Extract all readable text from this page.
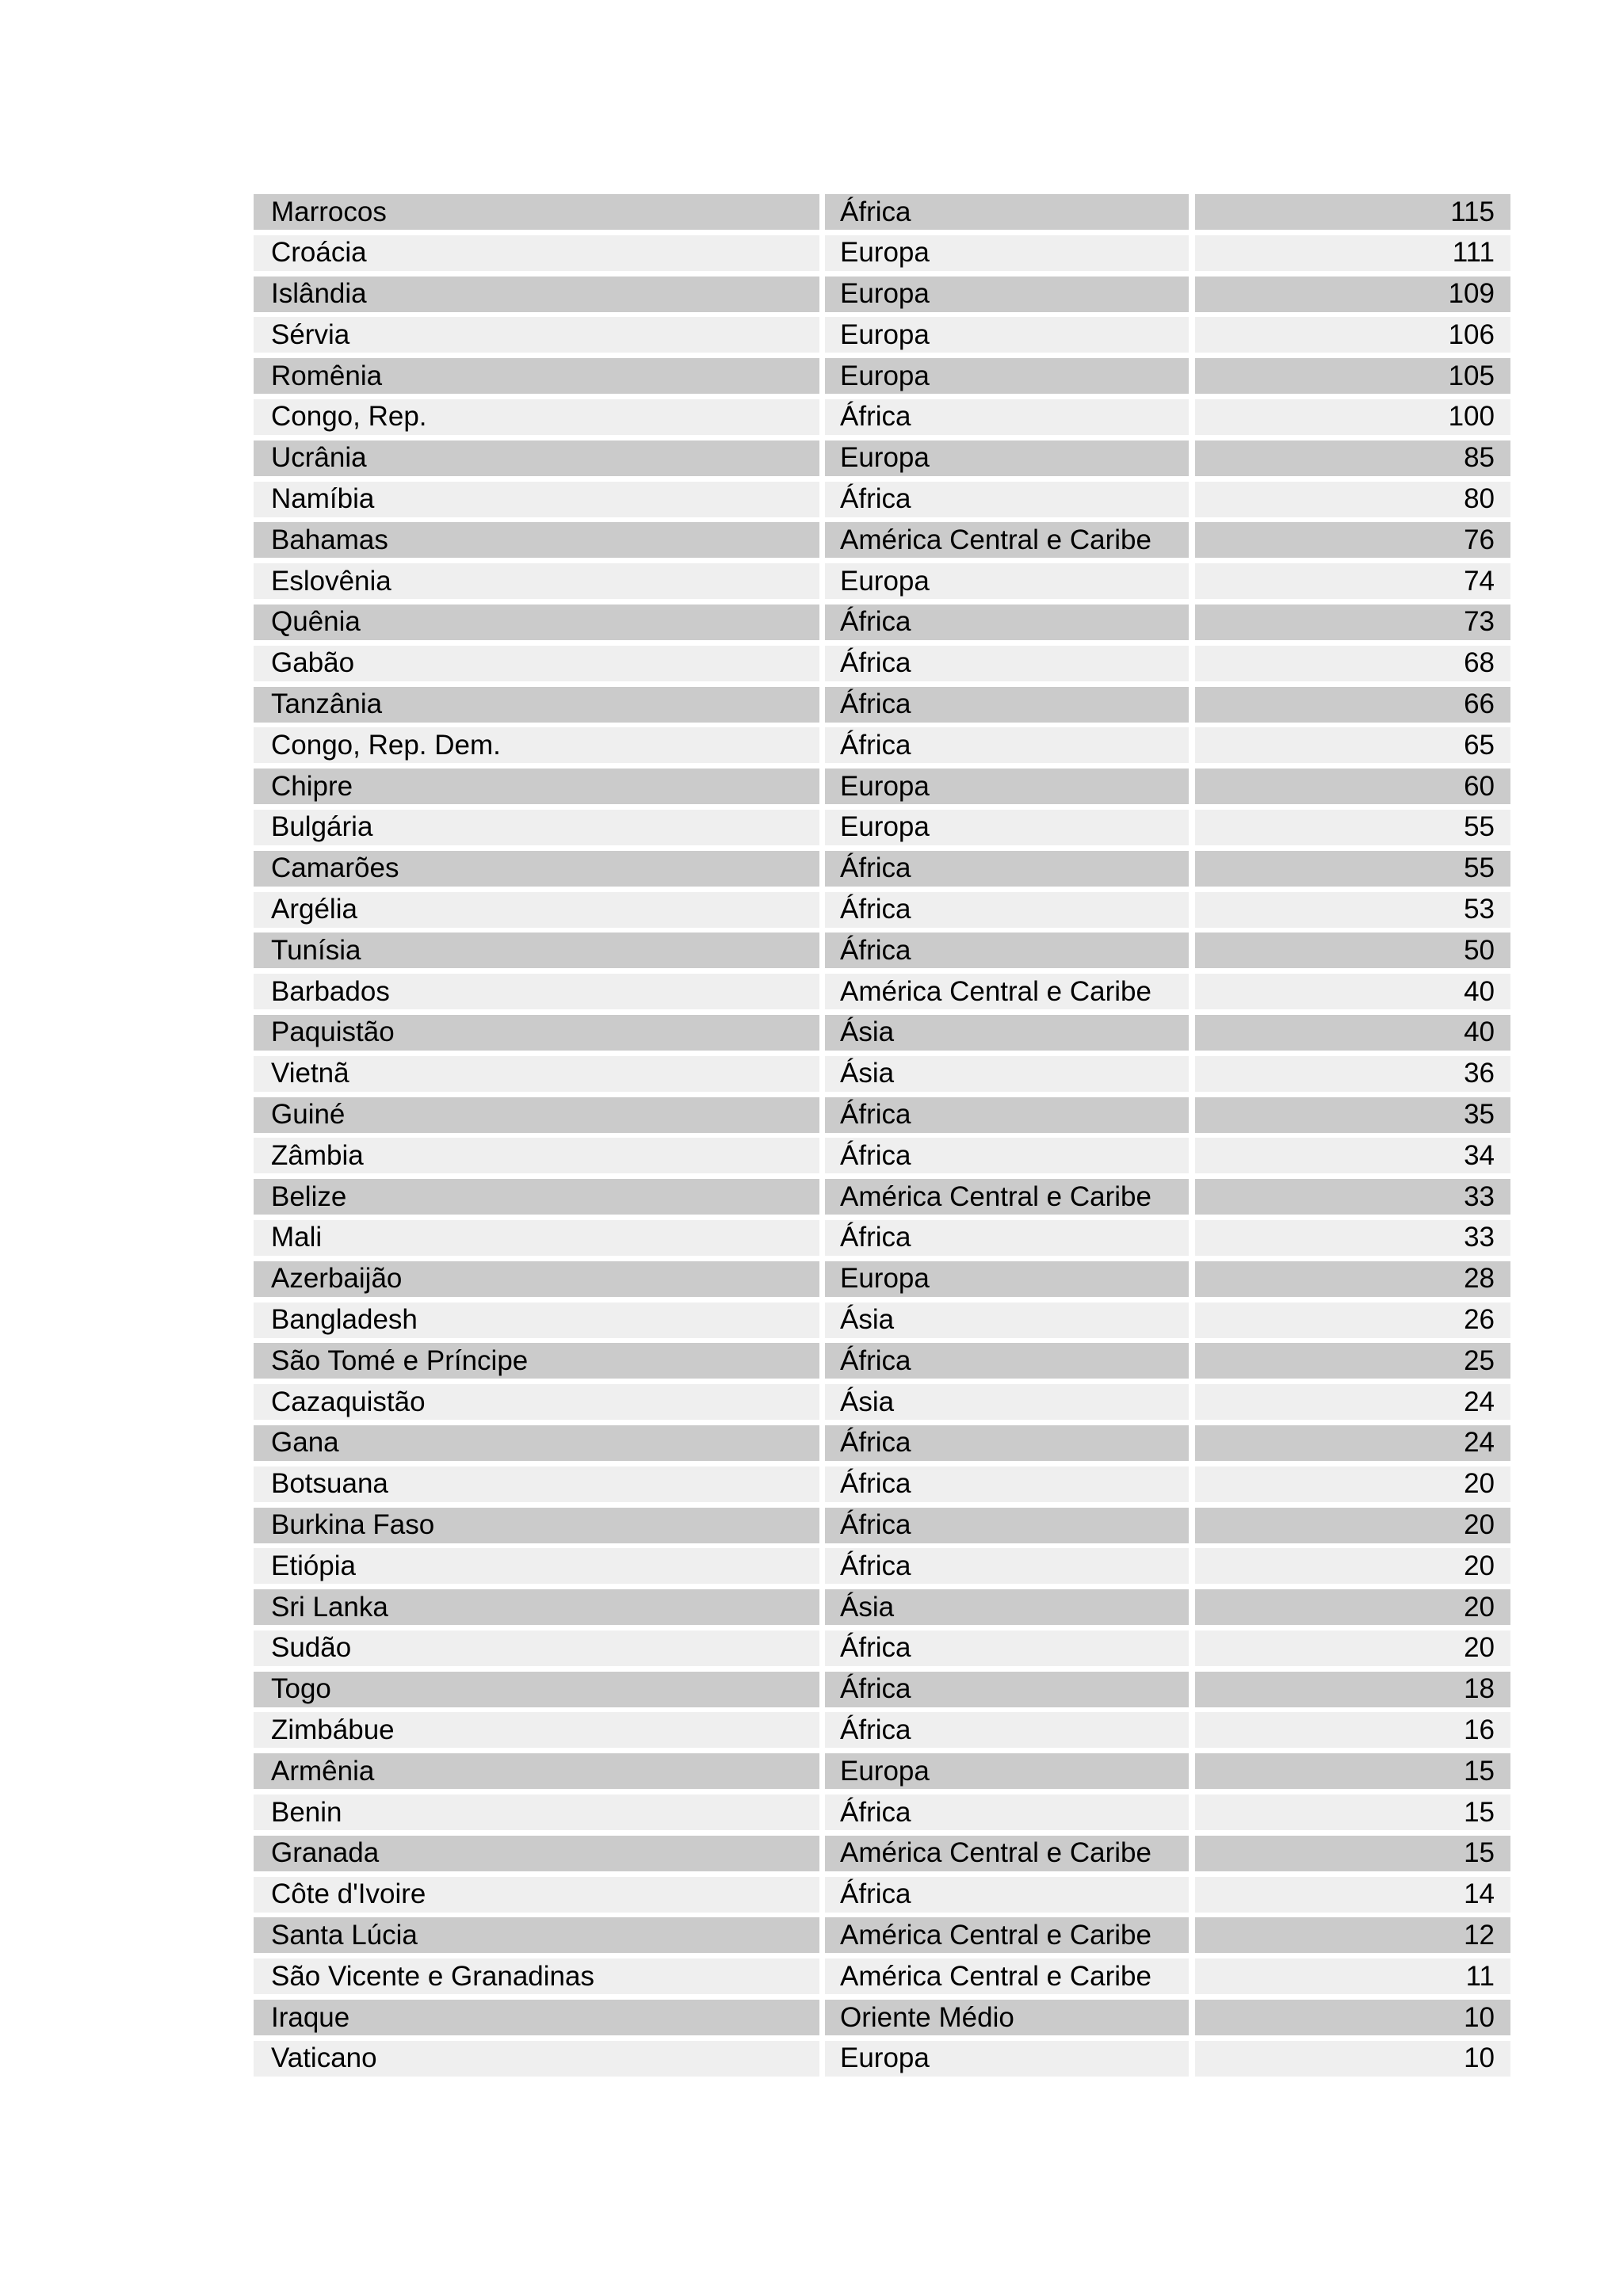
Marrocos	África	115
Croácia	Europa	111
Islândia	Europa	109
Sérvia	Europa	106
Romênia	Europa	105
Congo, Rep.	África	100
Ucrânia	Europa	85
Namíbia	África	80
Bahamas	América Central e Caribe	76
Eslovênia	Europa	74
Quênia	África	73
Gabão	África	68
Tanzânia	África	66
Congo, Rep. Dem.	África	65
Chipre	Europa	60
Bulgária	Europa	55
Camarões	África	55
Argélia	África	53
Tunísia	África	50
Barbados	América Central e Caribe	40
Paquistão	Ásia	40
Vietnã	Ásia	36
Guiné	África	35
Zâmbia	África	34
Belize	América Central e Caribe	33
Mali	África	33
Azerbaijão	Europa	28
Bangladesh	Ásia	26
São Tomé e Príncipe	África	25
Cazaquistão	Ásia	24
Gana	África	24
Botsuana	África	20
Burkina Faso	África	20
Etiópia	África	20
Sri Lanka	Ásia	20
Sudão	África	20
Togo	África	18
Zimbábue	África	16
Armênia	Europa	15
Benin	África	15
Granada	América Central e Caribe	15
Côte d'Ivoire	África	14
Santa Lúcia	América Central e Caribe	12
São Vicente e Granadinas	América Central e Caribe	11
Iraque	Oriente Médio	10
Vaticano	Europa	10
